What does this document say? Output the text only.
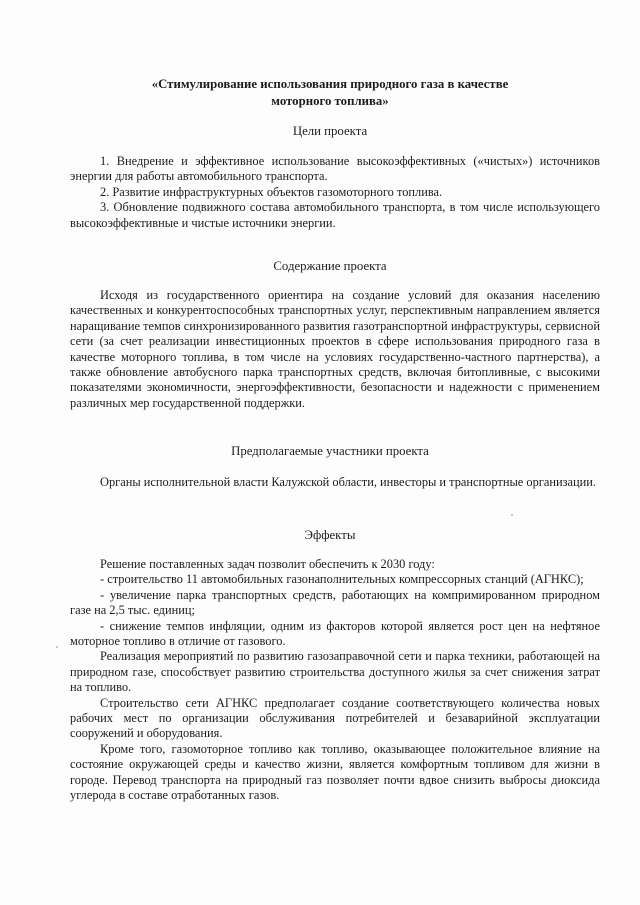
«Стимулирование использования природного газа в качестве
моторного топлива»
Цели проекта

1. Внедрение и эффективное использование высокоэффективных («чистых») источников энергии для работы автомобильного транспорта.

2. Развитие инфраструктурных объектов газомоторного топлива.

3. Обновление подвижного состава автомобильного транспорта, в том числе использующего высокоэффективные и чистые источники энергии.

Содержание проекта

Исходя из государственного ориентира на создание условий для оказания населению качественных и конкурентоспособных транспортных услуг, перспективным направлением является наращивание темпов синхронизированного развития газотранспортной инфраструктуры, сервисной сети (за счет реализации инвестиционных проектов в сфере использования природного газа в качестве моторного топлива, в том числе на условиях государственно-частного партнерства), а также обновление автобусного парка транспортных средств, включая битопливные, с высокими показателями экономичности, энергоэффективности, безопасности и надежности с применением различных мер государственной поддержки.

Предполагаемые участники проекта

Органы исполнительной власти Калужской области, инвесторы и транспортные организации.

Эффекты

Решение поставленных задач позволит обеспечить к 2030 году:

- строительство 11 автомобильных газонаполнительных компрессорных станций (АГНКС);

- увеличение парка транспортных средств, работающих на компримированном природном газе на 2,5 тыс. единиц;

- снижение темпов инфляции, одним из факторов которой является рост цен на нефтяное моторное топливо в отличие от газового.

Реализация мероприятий по развитию газозаправочной сети и парка техники, работающей на природном газе, способствует развитию строительства доступного жилья за счет снижения затрат на топливо.

Строительство сети АГНКС предполагает создание соответствующего количества новых рабочих мест по организации обслуживания потребителей и безаварийной эксплуатации сооружений и оборудования.

Кроме того, газомоторное топливо как топливо, оказывающее положительное влияние на состояние окружающей среды и качество жизни, является комфортным топливом для жизни в городе. Перевод транспорта на природный газ позволяет почти вдвое снизить выбросы диоксида углерода в составе отработанных газов.
